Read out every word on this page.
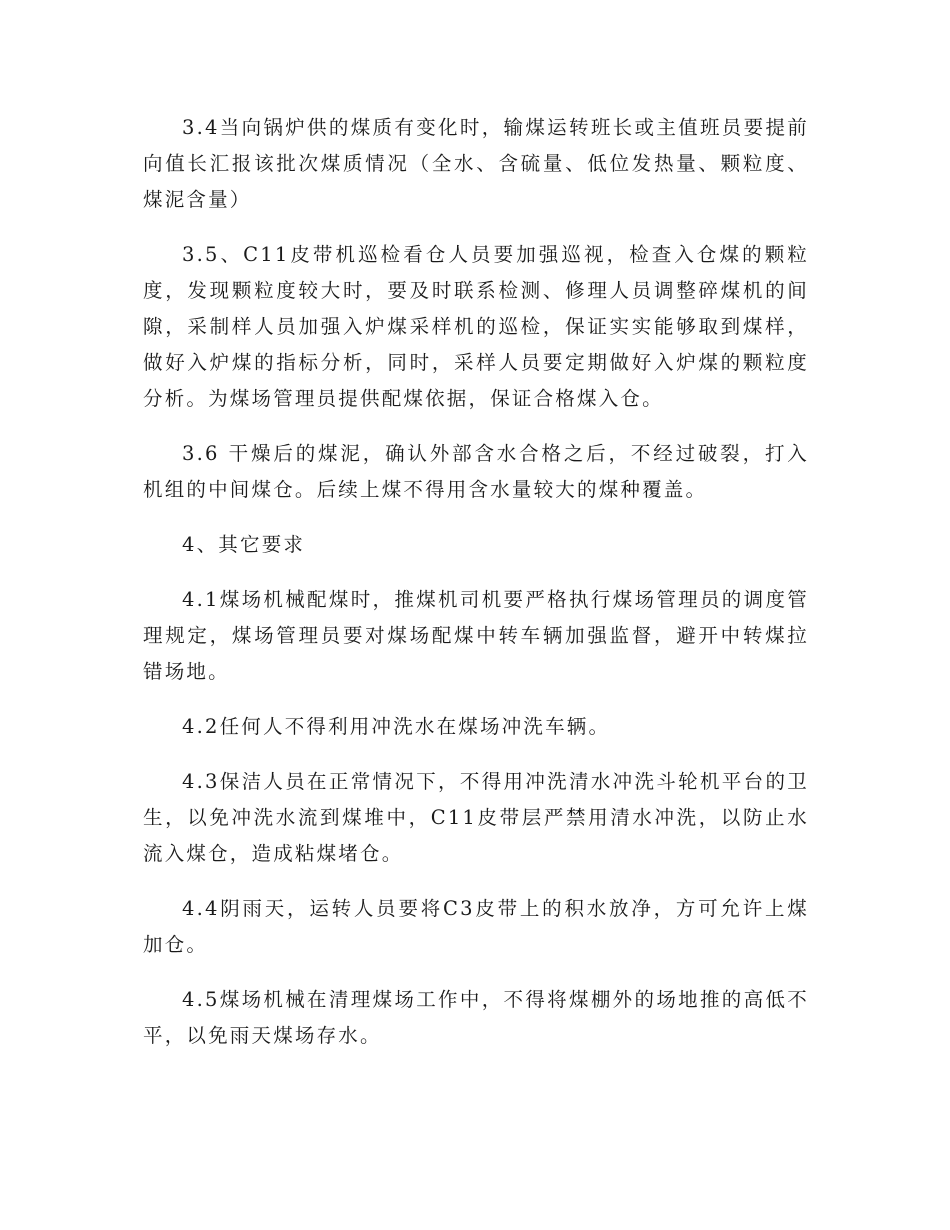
3.4当向锅炉供的煤质有变化时，输煤运转班长或主值班员要提前向值长汇报该批次煤质情况（全水、含硫量、低位发热量、颗粒度、煤泥含量）

3.5、C11皮带机巡检看仓人员要加强巡视，检查入仓煤的颗粒度，发现颗粒度较大时，要及时联系检测、修理人员调整碎煤机的间隙，采制样人员加强入炉煤采样机的巡检，保证实实能够取到煤样，做好入炉煤的指标分析，同时，采样人员要定期做好入炉煤的颗粒度分析。为煤场管理员提供配煤依据，保证合格煤入仓。

3.6 干燥后的煤泥，确认外部含水合格之后，不经过破裂，打入机组的中间煤仓。后续上煤不得用含水量较大的煤种覆盖。

4、其它要求

4.1煤场机械配煤时，推煤机司机要严格执行煤场管理员的调度管理规定，煤场管理员要对煤场配煤中转车辆加强监督，避开中转煤拉错场地。

4.2任何人不得利用冲洗水在煤场冲洗车辆。

4.3保洁人员在正常情况下，不得用冲洗清水冲洗斗轮机平台的卫生，以免冲洗水流到煤堆中，C11皮带层严禁用清水冲洗，以防止水流入煤仓，造成粘煤堵仓。

4.4阴雨天，运转人员要将C3皮带上的积水放净，方可允许上煤加仓。

4.5煤场机械在清理煤场工作中，不得将煤棚外的场地推的高低不平，以免雨天煤场存水。
